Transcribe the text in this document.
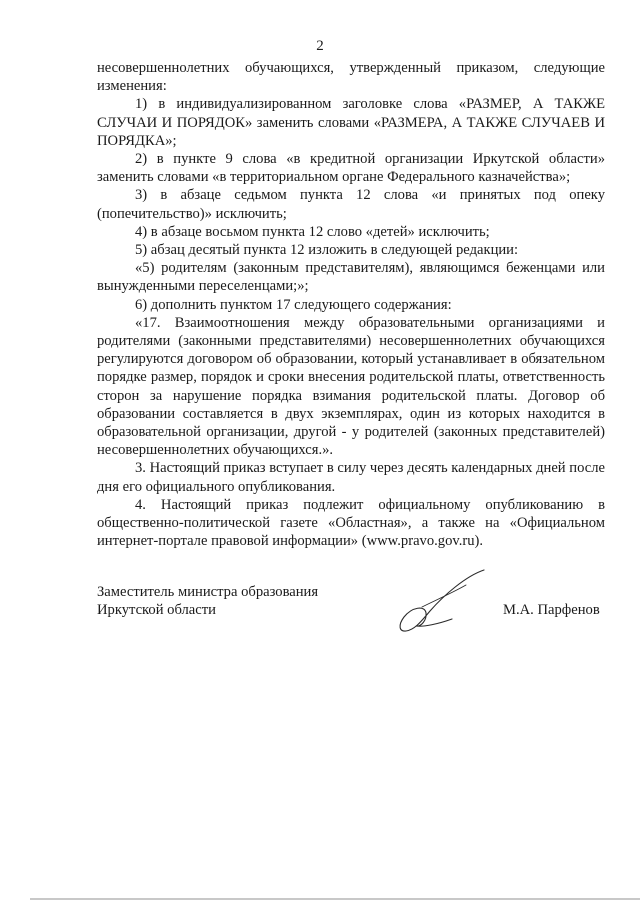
2

несовершеннолетних обучающихся, утвержденный приказом, следующие изменения:

1) в индивидуализированном заголовке слова «РАЗМЕР, А ТАКЖЕ СЛУЧАИ И ПОРЯДОК» заменить словами «РАЗМЕРА, А ТАКЖЕ СЛУЧАЕВ И ПОРЯДКА»;

2) в пункте 9 слова «в кредитной организации Иркутской области» заменить словами «в территориальном органе Федерального казначейства»;

3) в абзаце седьмом пункта 12 слова «и принятых под опеку (попечительство)» исключить;

4) в абзаце восьмом пункта 12 слово «детей» исключить;

5) абзац десятый пункта 12 изложить в следующей редакции:

«5) родителям (законным представителям), являющимся беженцами или вынужденными переселенцами;»;

6) дополнить пунктом 17 следующего содержания:

«17. Взаимоотношения между образовательными организациями и родителями (законными представителями) несовершеннолетних обучающихся регулируются договором об образовании, который устанавливает в обязательном порядке размер, порядок и сроки внесения родительской платы, ответственность сторон за нарушение порядка взимания родительской платы. Договор об образовании составляется в двух экземплярах, один из которых находится в образовательной организации, другой - у родителей (законных представителей) несовершеннолетних обучающихся.».

3. Настоящий приказ вступает в силу через десять календарных дней после дня его официального опубликования.

4. Настоящий приказ подлежит официальному опубликованию в общественно-политической газете «Областная», а также на «Официальном интернет-портале правовой информации» (www.pravo.gov.ru).

Заместитель министра образования
Иркутской области	М.А. Парфенов
